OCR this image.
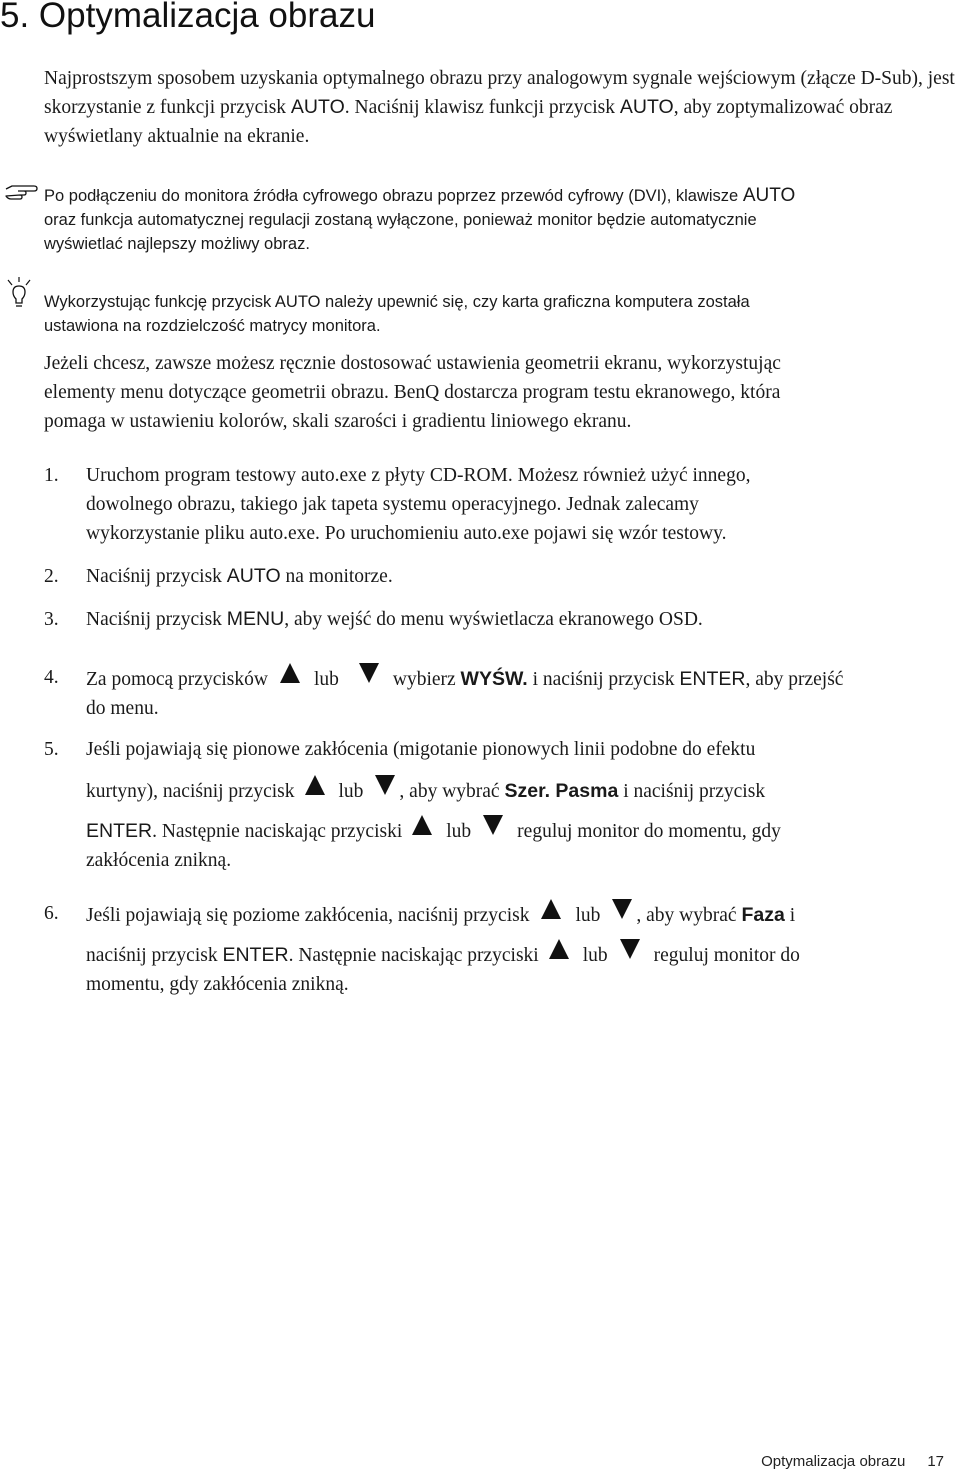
5. Optymalizacja obrazu

Najprostszym sposobem uzyskania optymalnego obrazu przy analogowym sygnale wejściowym (złącze D-Sub), jest skorzystanie z funkcji przycisk AUTO. Naciśnij klawisz funkcji przycisk AUTO, aby zoptymalizować obraz wyświetlany aktualnie na ekranie.

Po podłączeniu do monitora źródła cyfrowego obrazu poprzez przewód cyfrowy (DVI), klawisze AUTO
oraz funkcja automatycznej regulacji zostaną wyłączone, ponieważ monitor będzie automatycznie
wyświetlać najlepszy możliwy obraz.
Wykorzystując funkcję przycisk AUTO należy upewnić się, czy karta graficzna komputera została
ustawiona na rozdzielczość matrycy monitora.

Jeżeli chcesz, zawsze możesz ręcznie dostosować ustawienia geometrii ekranu, wykorzystując
elementy menu dotyczące geometrii obrazu. BenQ dostarcza program testu ekranowego, która
pomaga w ustawieniu kolorów, skali szarości i gradientu liniowego ekranu.

1. Uruchom program testowy auto.exe z płyty CD-ROM. Możesz również użyć innego,
dowolnego obrazu, takiego jak tapeta systemu operacyjnego. Jednak zalecamy
wykorzystanie pliku auto.exe. Po uruchomieniu auto.exe pojawi się wzór testowy.
2. Naciśnij przycisk AUTO na monitorze.
3. Naciśnij przycisk MENU, aby wejść do menu wyświetlacza ekranowego OSD.
4. Za pomocą przycisków lub	wybierz WYŚW. i naciśnij przycisk ENTER, aby przejść
do menu.
5. Jeśli pojawiają się pionowe zakłócenia (migotanie pionowych linii podobne do efektu
kurtyny), naciśnij przycisk lub , aby wybrać Szer. Pasma i naciśnij przycisk
ENTER. Następnie naciskając przyciski lub reguluj monitor do momentu, gdy
zakłócenia znikną.
6. Jeśli pojawiają się poziome zakłócenia, naciśnij przycisk lub , aby wybrać Faza i
naciśnij przycisk ENTER. Następnie naciskając przyciski lub reguluj monitor do
momentu, gdy zakłócenia znikną.
Optymalizacja obrazu 17
